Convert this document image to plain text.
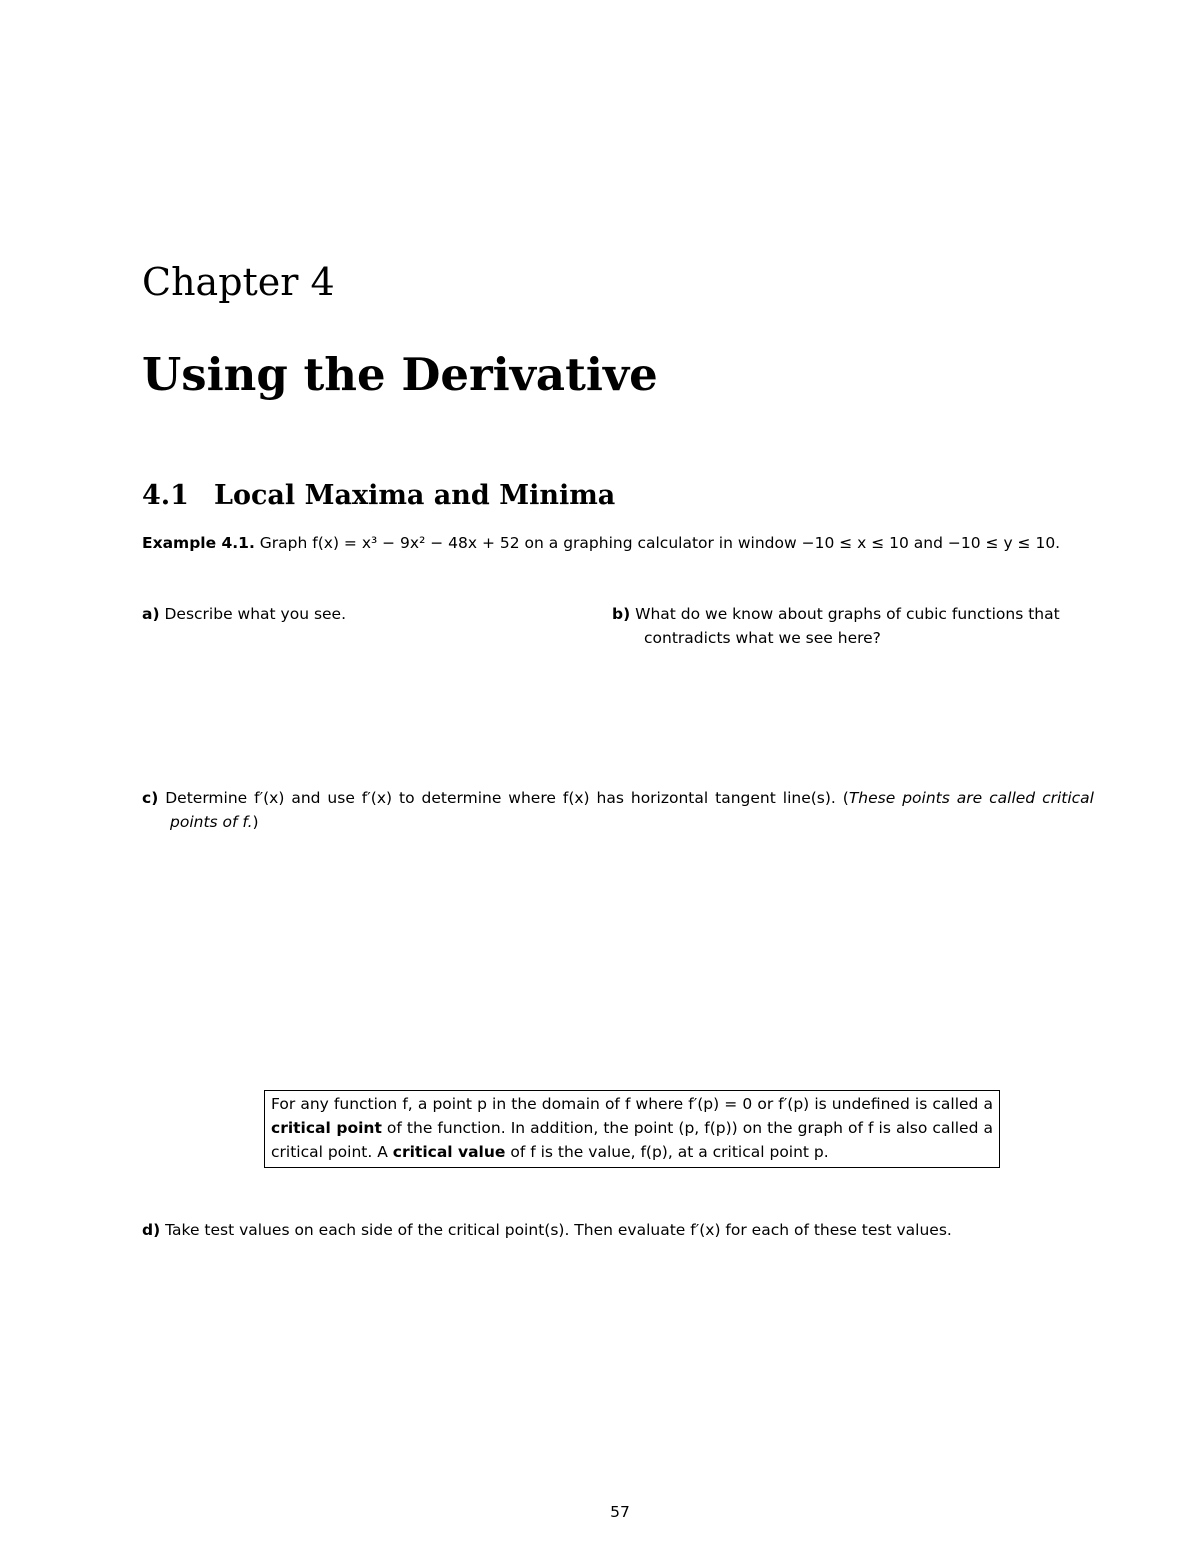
Chapter 4
Using the Derivative
4.1 Local Maxima and Minima
Example 4.1. Graph f(x) = x³ − 9x² − 48x + 52 on a graphing calculator in window −10 ≤ x ≤ 10 and −10 ≤ y ≤ 10.
a) Describe what you see.	b) What do we know about graphs of cubic functions that contradicts what we see here?
c) Determine f′(x) and use f′(x) to determine where f(x) has horizontal tangent line(s). (These points are called critical points of f.)
For any function f, a point p in the domain of f where f′(p) = 0 or f′(p) is undefined is called a critical point of the function. In addition, the point (p, f(p)) on the graph of f is also called a critical point. A critical value of f is the value, f(p), at a critical point p.
d) Take test values on each side of the critical point(s). Then evaluate f′(x) for each of these test values.
57
